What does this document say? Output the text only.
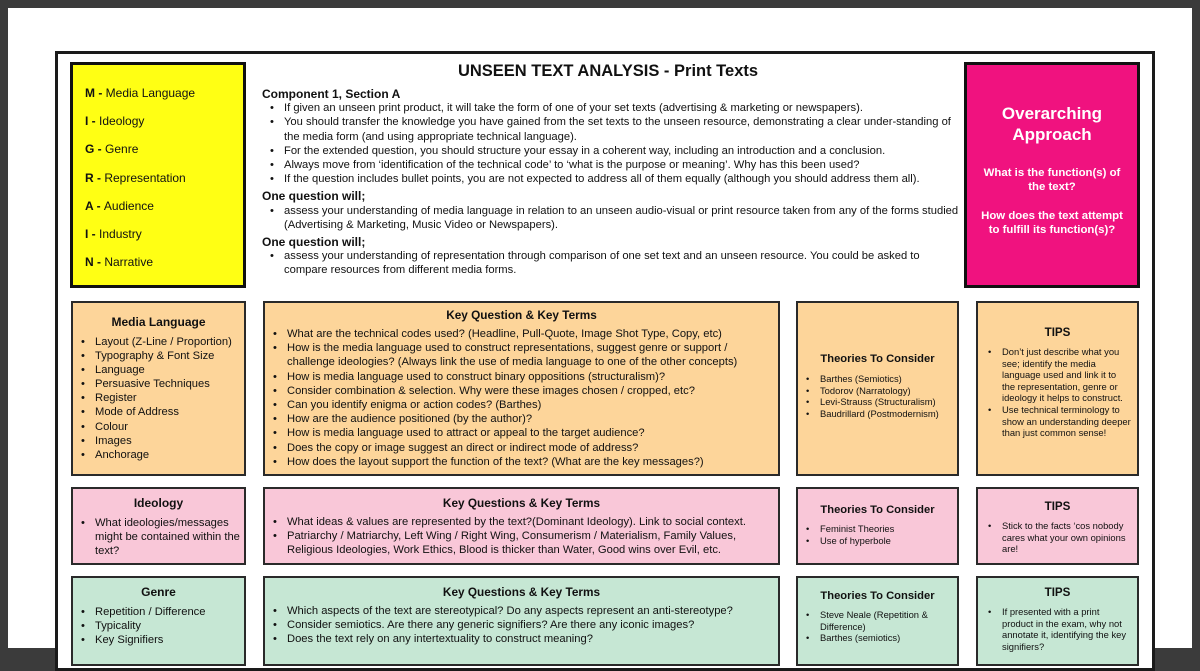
M - Media Language
I - Ideology
G - Genre
R - Representation
A - Audience
I - Industry
N - Narrative
UNSEEN TEXT ANALYSIS - Print Texts
Component 1, Section A
• If given an unseen print product, it will take the form of one of your set texts (advertising & marketing or newspapers).
• You should transfer the knowledge you have gained from the set texts to the unseen resource, demonstrating a clear under-standing of the media form (and using appropriate technical language).
• For the extended question, you should structure your essay in a coherent way, including an introduction and a conclusion.
• Always move from ‘identification of the technical code’ to ‘what is the purpose or meaning’. Why has this been used?
• If the question includes bullet points, you are not expected to address all of them equally (although you should address them all).
One question will;
• assess your understanding of media language in relation to an unseen audio-visual or print resource taken from any of the forms studied (Advertising & Marketing, Music Video or Newspapers).
One question will;
• assess your understanding of representation through comparison of one set text and an unseen resource. You could be asked to compare resources from different media forms.
Overarching Approach
What is the function(s) of the text?
How does the text attempt to fulfill its function(s)?
Media Language
• Layout (Z-Line / Proportion)
• Typography & Font Size
• Language
• Persuasive Techniques
• Register
• Mode of Address
• Colour
• Images
• Anchorage
Key Question & Key Terms
• What are the technical codes used? (Headline, Pull-Quote, Image Shot Type, Copy, etc)
• How is the media language used to construct representations, suggest genre or support / challenge ideologies? (Always link the use of media language to one of the other concepts)
• How is media language used to construct binary oppositions (structuralism)?
• Consider combination & selection. Why were these images chosen / cropped, etc?
• Can you identify enigma or action codes? (Barthes)
• How are the audience positioned (by the author)?
• How is media language used to attract or appeal to the target audience?
• Does the copy or image suggest an direct or indirect mode of address?
• How does the layout support the function of the text? (What are the key messages?)
Theories To Consider
• Barthes (Semiotics)
• Todorov (Narratology)
• Levi-Strauss (Structuralism)
• Baudrillard (Postmodernism)
TIPS
• Don’t just describe what you see; identify the media language used and link it to the representation, genre or ideology it helps to construct.
• Use technical terminology to show an understanding deeper than just common sense!
Ideology
• What ideologies/messages might be contained within the text?
Key Questions & Key Terms
• What ideas & values are represented by the text?(Dominant Ideology). Link to social context.
• Patriarchy / Matriarchy, Left Wing / Right Wing, Consumerism / Materialism, Family Values, Religious Ideologies, Work Ethics, Blood is thicker than Water, Good wins over Evil, etc.
Theories To Consider
• Feminist Theories
• Use of hyperbole
TIPS
• Stick to the facts ‘cos nobody cares what your own opinions are!
Genre
• Repetition / Difference
• Typicality
• Key Signifiers
Key Questions & Key Terms
• Which aspects of the text are stereotypical? Do any aspects represent an anti-stereotype?
• Consider semiotics. Are there any generic signifiers? Are there any iconic images?
• Does the text rely on any intertextuality to construct meaning?
Theories To Consider
• Steve Neale (Repetition & Difference)
• Barthes (semiotics)
TIPS
• If presented with a print product in the exam, why not annotate it, identifying the key signifiers?
